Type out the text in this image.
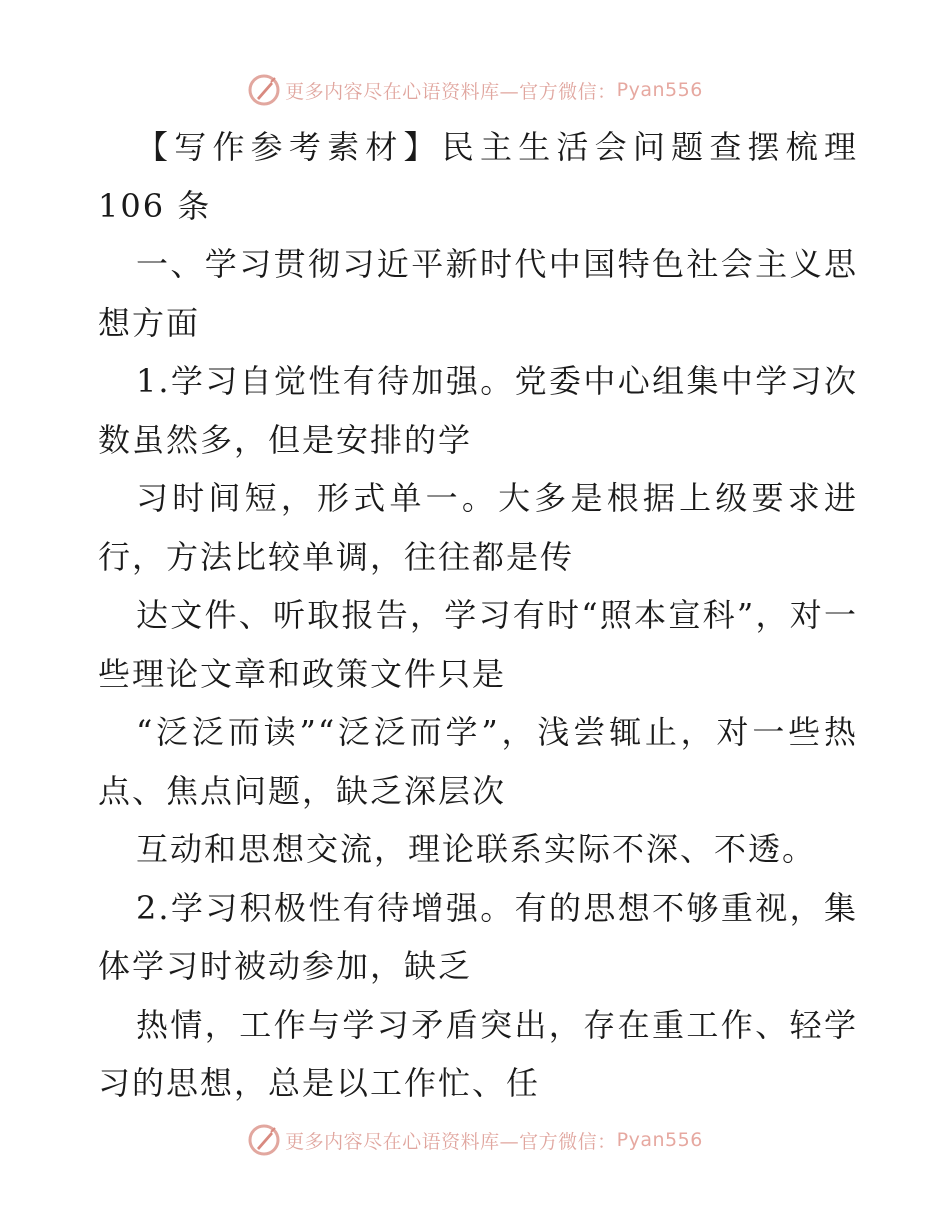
更多内容尽在心语资料库—官方微信： Pyan556

【写作参考素材】民主生活会问题查摆梳理 106 条

一、学习贯彻习近平新时代中国特色社会主义思想方面

1.学习自觉性有待加强。党委中心组集中学习次数虽然多，但是安排的学

习时间短，形式单一。大多是根据上级要求进行，方法比较单调，往往都是传

达文件、听取报告，学习有时“照本宣科”，对一些理论文章和政策文件只是

“泛泛而读”“泛泛而学”，浅尝辄止，对一些热点、焦点问题，缺乏深层次

互动和思想交流，理论联系实际不深、不透。

2.学习积极性有待增强。有的思想不够重视，集体学习时被动参加，缺乏

热情，工作与学习矛盾突出，存在重工作、轻学习的思想，总是以工作忙、任

更多内容尽在心语资料库—官方微信： Pyan556
